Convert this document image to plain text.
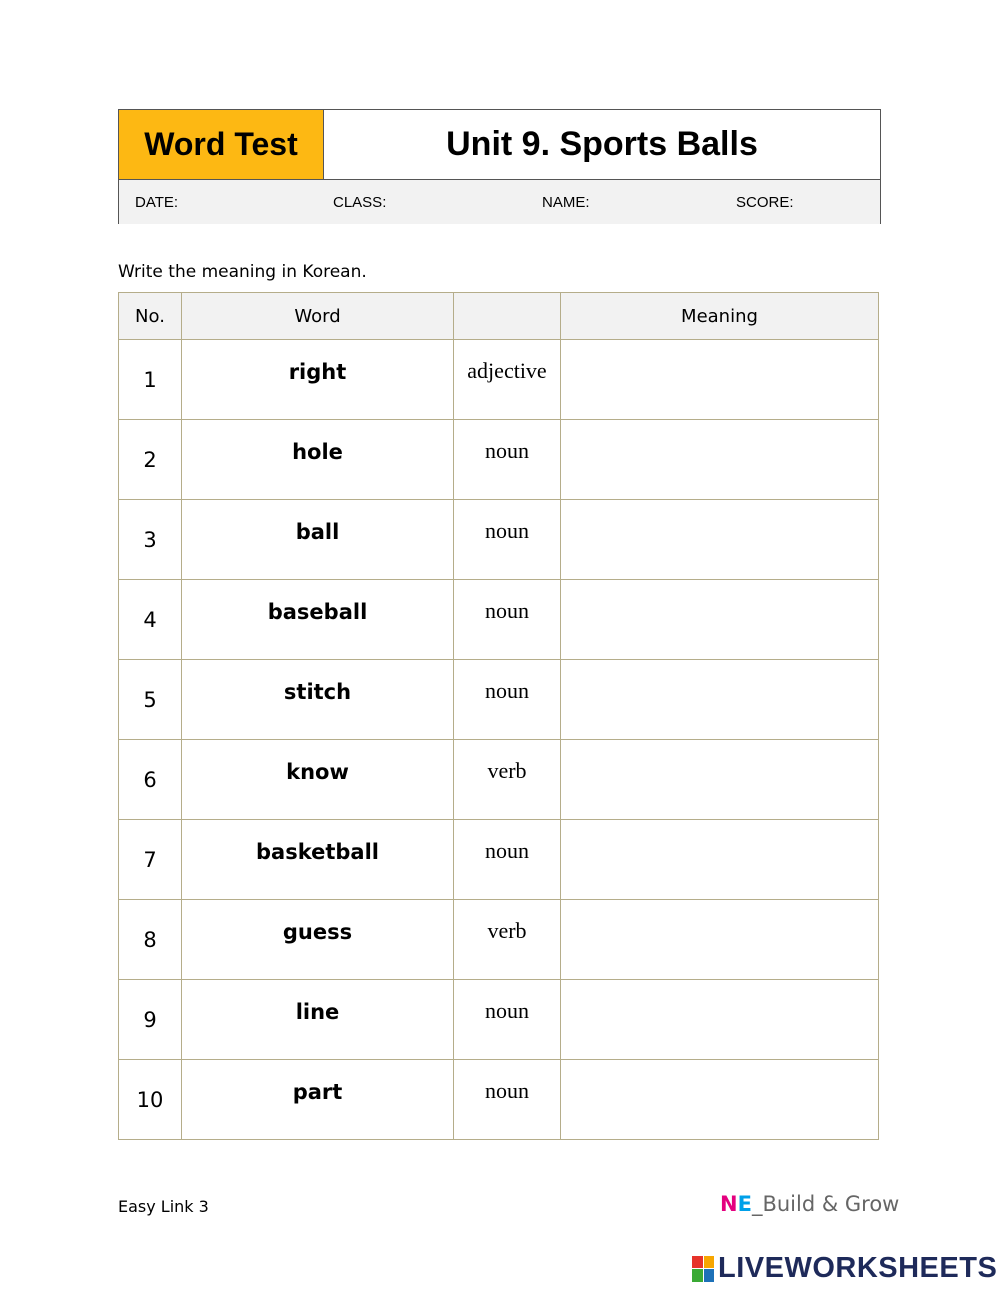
Word Test	Unit 9. Sports Balls
DATE:	CLASS:	NAME:	SCORE:
Write the meaning in Korean.
No.	Word		Meaning
1	right	adjective	
2	hole	noun	
3	ball	noun	
4	baseball	noun	
5	stitch	noun	
6	know	verb	
7	basketball	noun	
8	guess	verb	
9	line	noun	
10	part	noun	
Easy Link 3	NE_Build & Grow
LIVEWORKSHEETS
